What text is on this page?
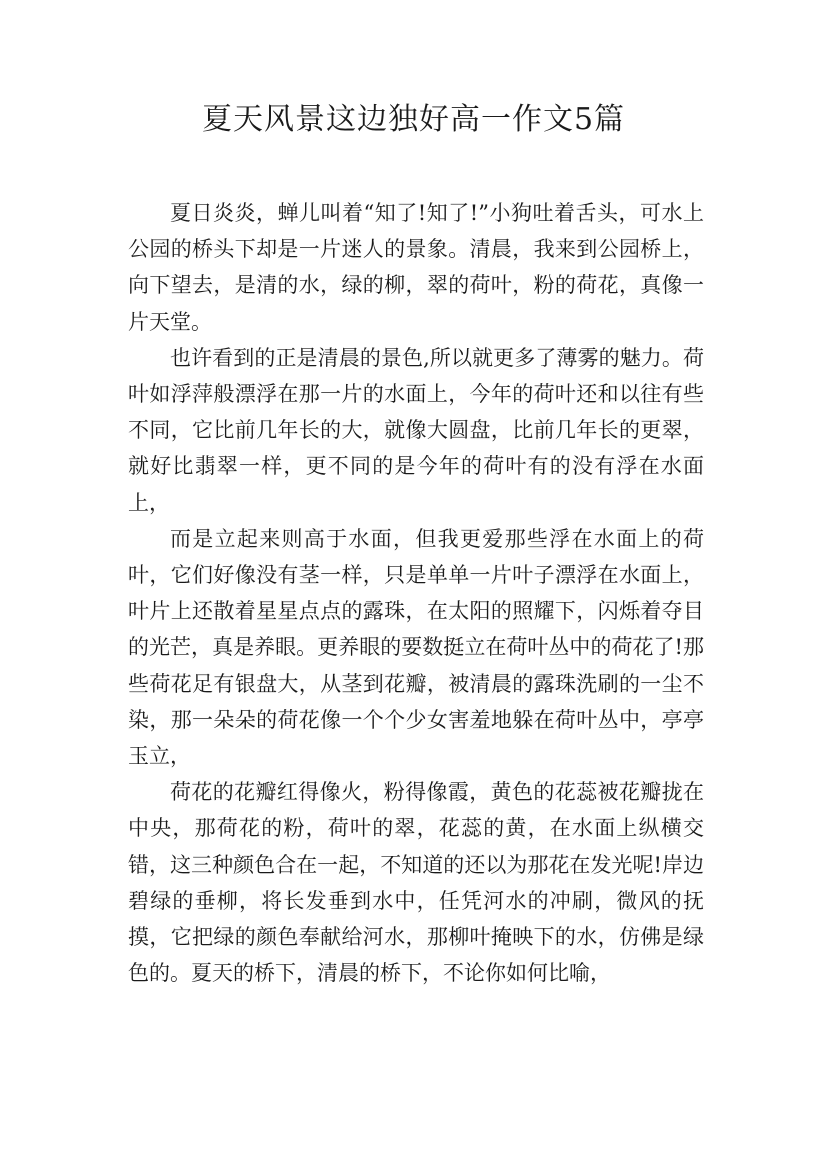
夏天风景这边独好高一作文5篇

夏日炎炎，蝉儿叫着“知了!知了!”小狗吐着舌头，可水上公园的桥头下却是一片迷人的景象。清晨，我来到公园桥上，向下望去，是清的水，绿的柳，翠的荷叶，粉的荷花，真像一片天堂。

也许看到的正是清晨的景色,所以就更多了薄雾的魅力。荷叶如浮萍般漂浮在那一片的水面上，今年的荷叶还和以往有些不同，它比前几年长的大，就像大圆盘，比前几年长的更翠，就好比翡翠一样，更不同的是今年的荷叶有的没有浮在水面上，

而是立起来则高于水面，但我更爱那些浮在水面上的荷叶，它们好像没有茎一样，只是单单一片叶子漂浮在水面上，叶片上还散着星星点点的露珠，在太阳的照耀下，闪烁着夺目的光芒，真是养眼。更养眼的要数挺立在荷叶丛中的荷花了!那些荷花足有银盘大，从茎到花瓣，被清晨的露珠洗刷的一尘不染，那一朵朵的荷花像一个个少女害羞地躲在荷叶丛中，亭亭玉立，

荷花的花瓣红得像火，粉得像霞，黄色的花蕊被花瓣拢在中央，那荷花的粉，荷叶的翠，花蕊的黄，在水面上纵横交错，这三种颜色合在一起，不知道的还以为那花在发光呢!岸边碧绿的垂柳，将长发垂到水中，任凭河水的冲刷，微风的抚摸，它把绿的颜色奉献给河水，那柳叶掩映下的水，仿佛是绿色的。夏天的桥下，清晨的桥下，不论你如何比喻，
